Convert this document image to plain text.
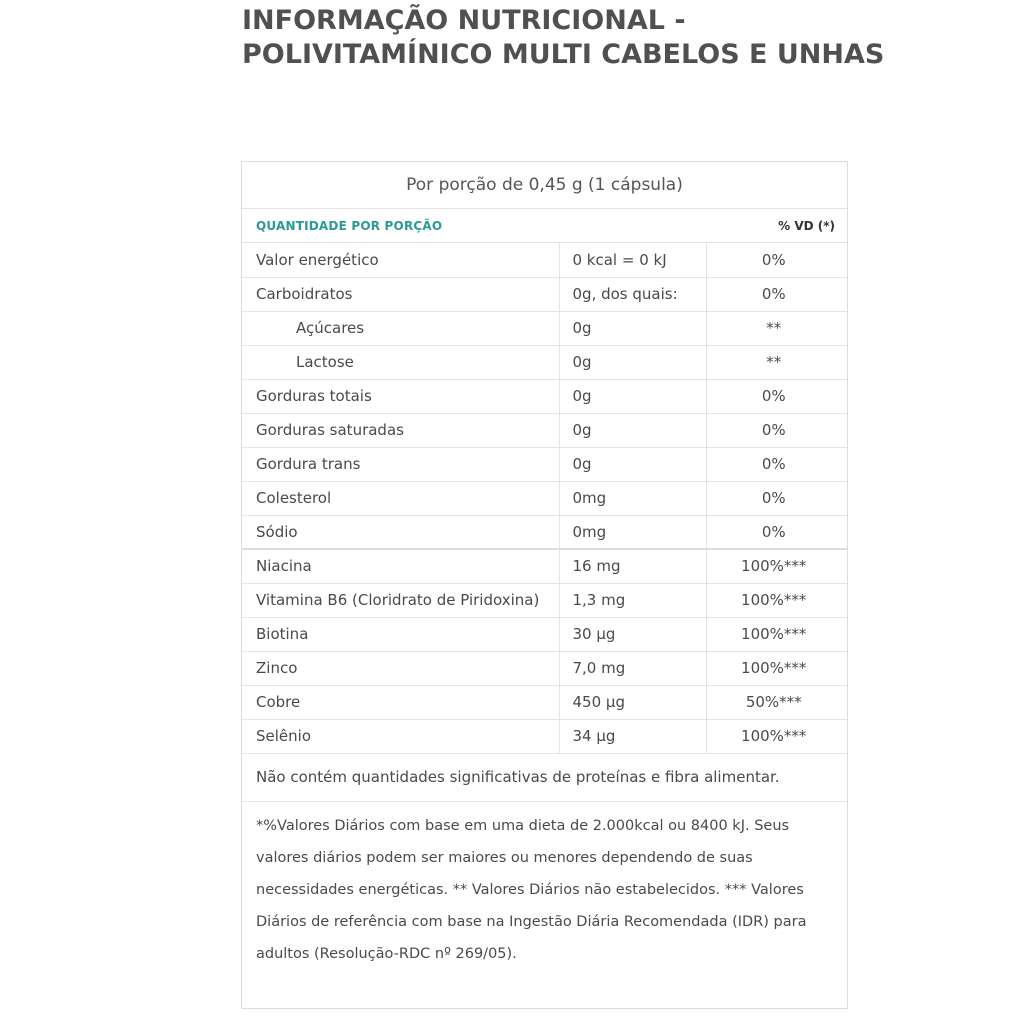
INFORMAÇÃO NUTRICIONAL -
POLIVITAMÍNICO MULTI CABELOS E UNHAS
Por porção de 0,45 g (1 cápsula)
QUANTIDADE POR PORÇÃO	% VD (*)
Valor energético	0 kcal = 0 kJ	0%
Carboidratos	0g, dos quais:	0%
Açúcares	0g	**
Lactose	0g	**
Gorduras totais	0g	0%
Gorduras saturadas	0g	0%
Gordura trans	0g	0%
Colesterol	0mg	0%
Sódio	0mg	0%
Niacina	16 mg	100%***
Vitamina B6 (Cloridrato de Piridoxina)	1,3 mg	100%***
Biotina	30 µg	100%***
Zinco	7,0 mg	100%***
Cobre	450 µg	50%***
Selênio	34 µg	100%***
Não contém quantidades significativas de proteínas e fibra alimentar.
*%Valores Diários com base em uma dieta de 2.000kcal ou 8400 kJ. Seus
valores diários podem ser maiores ou menores dependendo de suas
necessidades energéticas. ** Valores Diários não estabelecidos. *** Valores
Diários de referência com base na Ingestão Diária Recomendada (IDR) para
adultos (Resolução-RDC nº 269/05).
